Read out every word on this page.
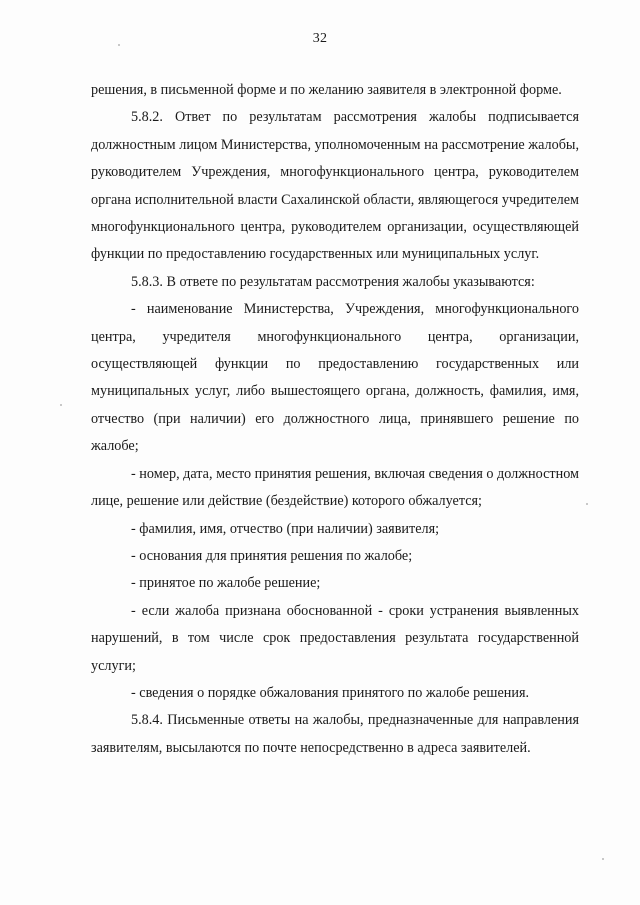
32

решения, в письменной форме и по желанию заявителя в электронной форме.

5.8.2. Ответ по результатам рассмотрения жалобы подписывается должностным лицом Министерства, уполномоченным на рассмотрение жалобы, руководителем Учреждения, многофункционального центра, руководителем органа исполнительной власти Сахалинской области, являющегося учредителем многофункционального центра, руководителем организации, осуществляющей функции по предоставлению государственных или муниципальных услуг.

5.8.3. В ответе по результатам рассмотрения жалобы указываются:

- наименование Министерства, Учреждения, многофункционального центра, учредителя многофункционального центра, организации, осуществляющей функции по предоставлению государственных или муниципальных услуг, либо вышестоящего органа, должность, фамилия, имя, отчество (при наличии) его должностного лица, принявшего решение по жалобе;

- номер, дата, место принятия решения, включая сведения о должностном лице, решение или действие (бездействие) которого обжалуется;

- фамилия, имя, отчество (при наличии) заявителя;

- основания для принятия решения по жалобе;

- принятое по жалобе решение;

- если жалоба признана обоснованной - сроки устранения выявленных нарушений, в том числе срок предоставления результата государственной услуги;

- сведения о порядке обжалования принятого по жалобе решения.

5.8.4. Письменные ответы на жалобы, предназначенные для направления заявителям, высылаются по почте непосредственно в адреса заявителей.
